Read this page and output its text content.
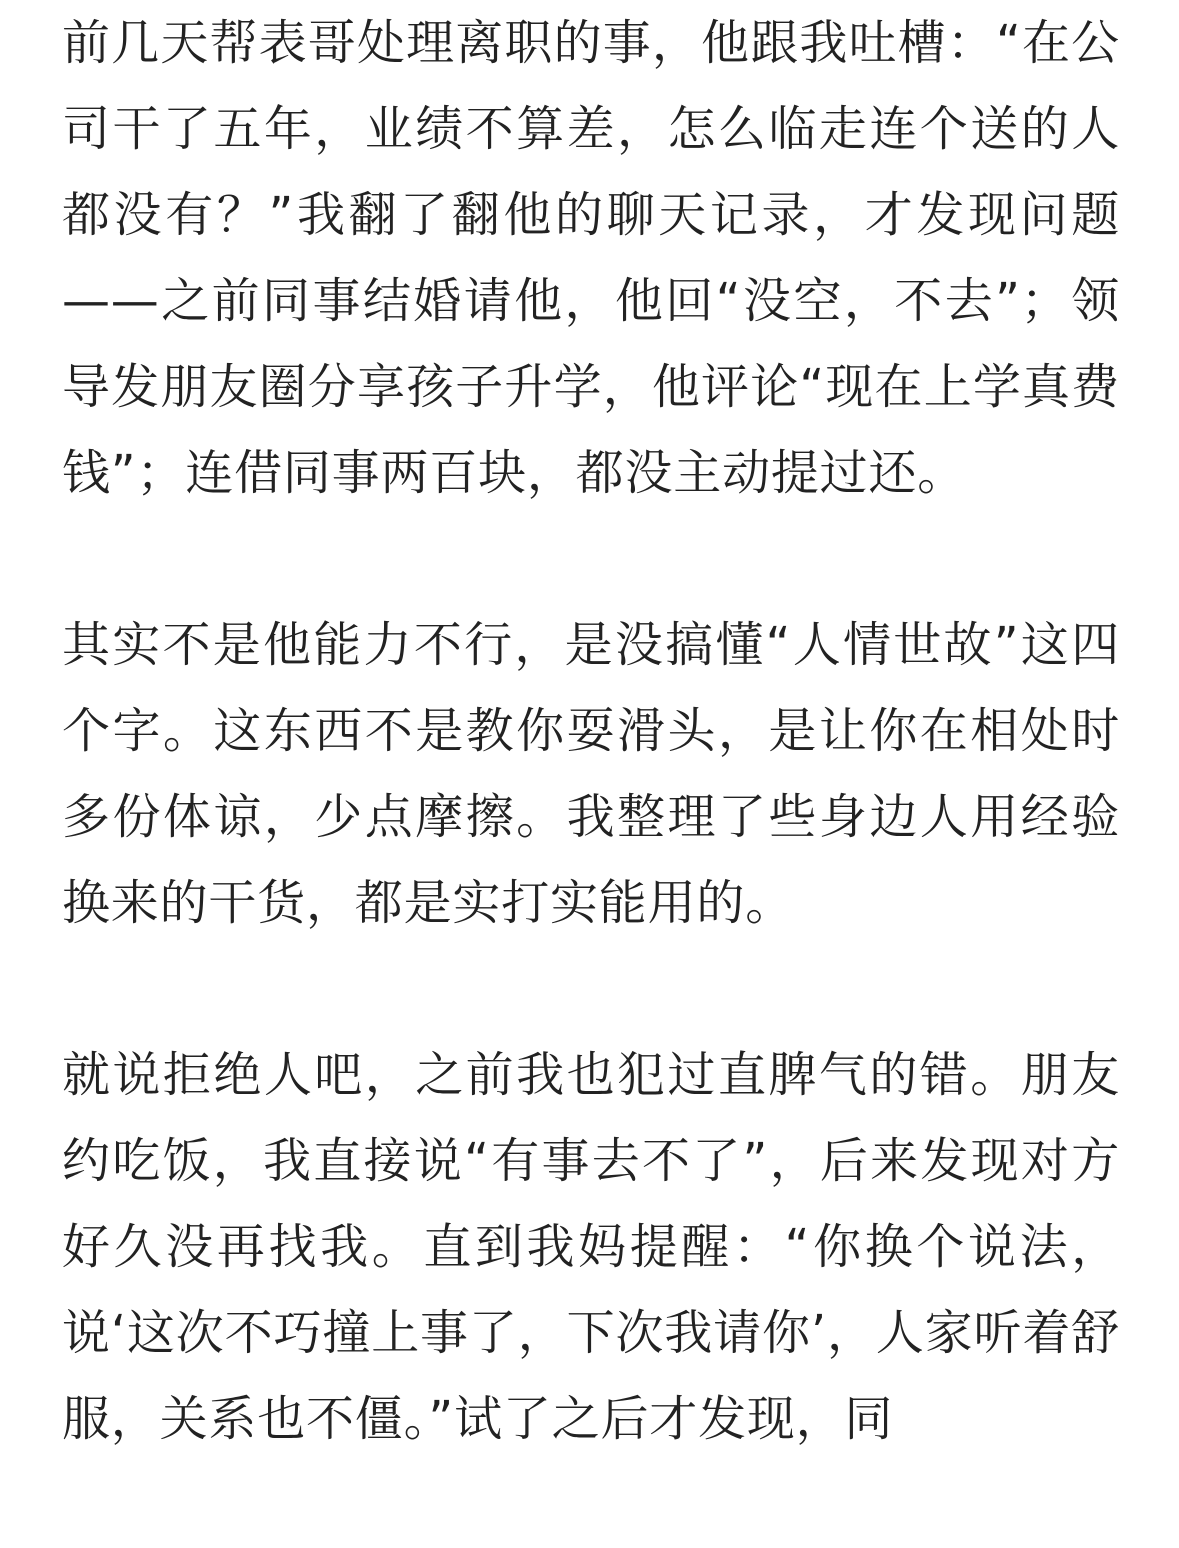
前几天帮表哥处理离职的事，他跟我吐槽：“在公司干了五年，业绩不算差，怎么临走连个送的人都没有？”我翻了翻他的聊天记录，才发现问题——之前同事结婚请他，他回“没空，不去”；领导发朋友圈分享孩子升学，他评论“现在上学真费钱”；连借同事两百块，都没主动提过还。

其实不是他能力不行，是没搞懂“人情世故”这四个字。这东西不是教你耍滑头，是让你在相处时多份体谅，少点摩擦。我整理了些身边人用经验换来的干货，都是实打实能用的。

就说拒绝人吧，之前我也犯过直脾气的错。朋友约吃饭，我直接说“有事去不了”，后来发现对方好久没再找我。直到我妈提醒：“你换个说法，说‘这次不巧撞上事了，下次我请你’，人家听着舒服，关系也不僵。”试了之后才发现，同
